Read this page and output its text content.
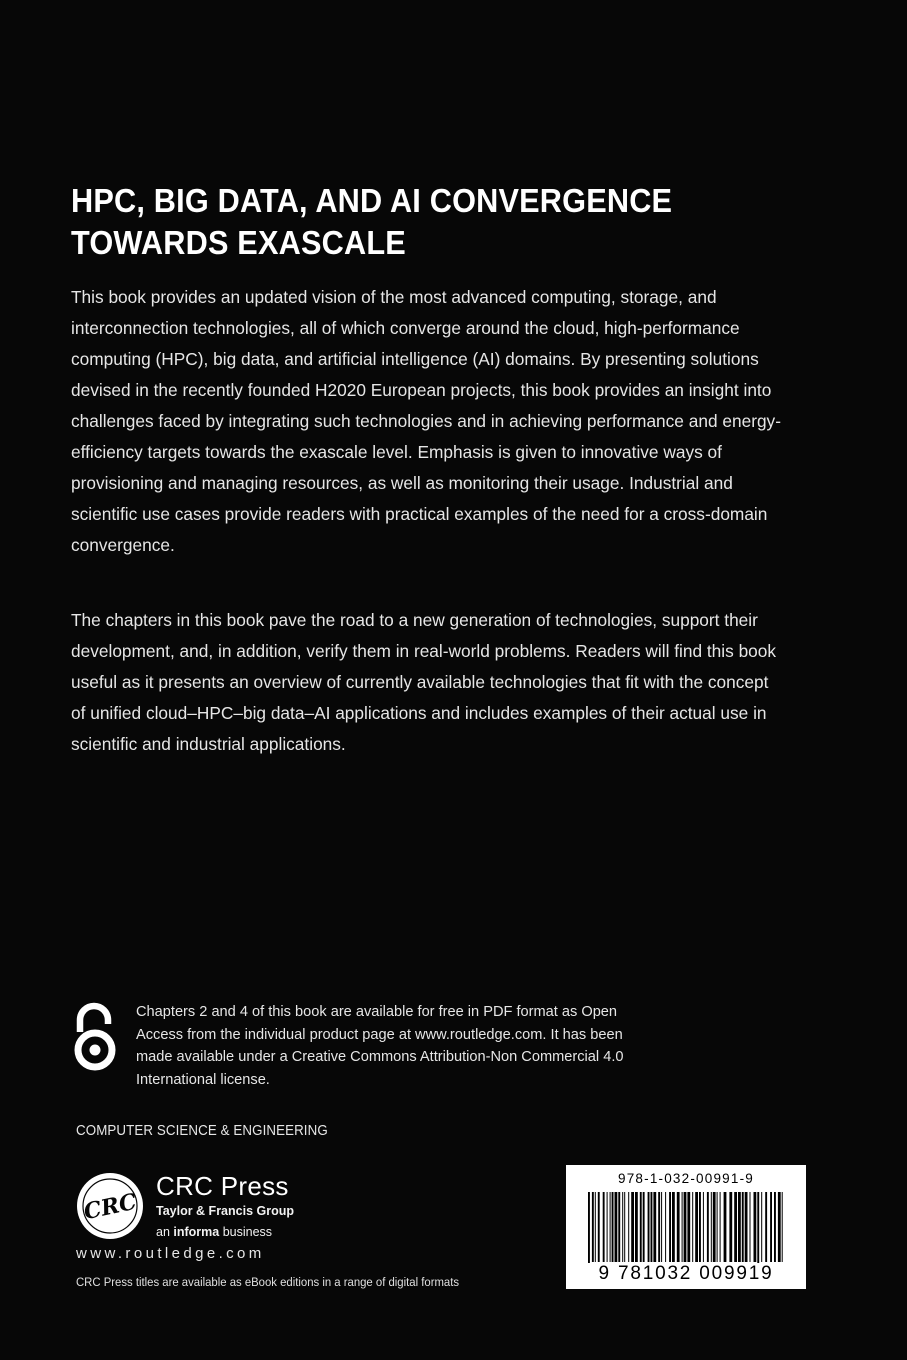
HPC, BIG DATA, AND AI CONVERGENCE
TOWARDS EXASCALE

This book provides an updated vision of the most advanced computing, storage, and interconnection technologies, all of which converge around the cloud, high-performance computing (HPC), big data, and artificial intelligence (AI) domains. By presenting solutions devised in the recently founded H2020 European projects, this book provides an insight into challenges faced by integrating such technologies and in achieving performance and energy-efficiency targets towards the exascale level. Emphasis is given to innovative ways of provisioning and managing resources, as well as monitoring their usage. Industrial and scientific use cases provide readers with practical examples of the need for a cross-domain convergence.

The chapters in this book pave the road to a new generation of technologies, support their development, and, in addition, verify them in real-world problems. Readers will find this book useful as it presents an overview of currently available technologies that fit with the concept of unified cloud–HPC–big data–AI applications and includes examples of their actual use in scientific and industrial applications.

Chapters 2 and 4 of this book are available for free in PDF format as Open Access from the individual product page at www.routledge.com. It has been made available under a Creative Commons Attribution-Non Commercial 4.0 International license.

COMPUTER SCIENCE & ENGINEERING
CRC
CRC Press
Taylor & Francis Group
an informa business
www.routledge.com
CRC Press titles are available as eBook editions in a range of digital formats
978-1-032-00991-9
9 781032 009919
